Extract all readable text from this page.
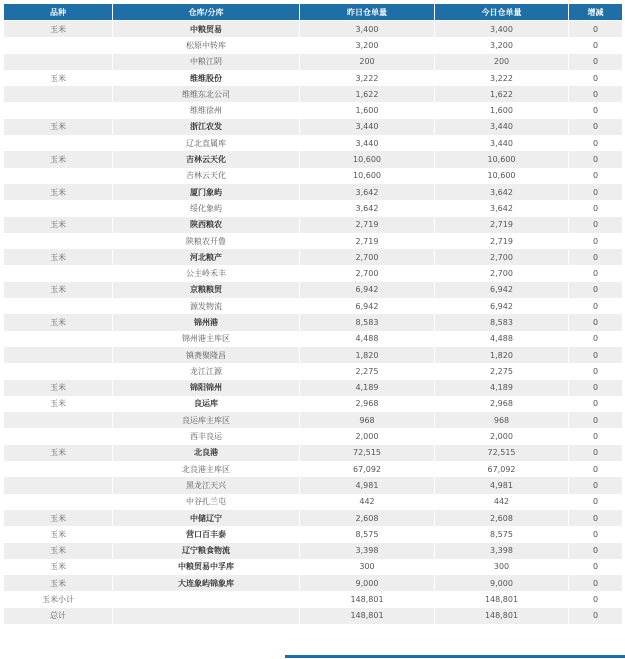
品种	仓库/分库	昨日仓单量	今日仓单量	增减
玉米	中粮贸易	3,400	3,400	0
	松原中转库	3,200	3,200	0
	中粮江阴	200	200	0
玉米	维维股份	3,222	3,222	0
	维维东北公司	1,622	1,622	0
	维维徐州	1,600	1,600	0
玉米	浙江农发	3,440	3,440	0
	辽北直属库	3,440	3,440	0
玉米	吉林云天化	10,600	10,600	0
	吉林云天化	10,600	10,600	0
玉米	厦门象屿	3,642	3,642	0
	绥化象屿	3,642	3,642	0
玉米	陕西粮农	2,719	2,719	0
	陕粮农开鲁	2,719	2,719	0
玉米	河北粮产	2,700	2,700	0
	公主岭禾丰	2,700	2,700	0
玉米	京粮粮贸	6,942	6,942	0
	源发物流	6,942	6,942	0
玉米	锦州港	8,583	8,583	0
	锦州港主库区	4,488	4,488	0
	镇赉聚隆昌	1,820	1,820	0
	龙江江源	2,275	2,275	0
玉米	锦阳锦州	4,189	4,189	0
玉米	良运库	2,968	2,968	0
	良运库主库区	968	968	0
	西丰良运	2,000	2,000	0
玉米	北良港	72,515	72,515	0
	北良港主库区	67,092	67,092	0
	黑龙江天兴	4,981	4,981	0
	中谷扎兰屯	442	442	0
玉米	中储辽宁	2,608	2,608	0
玉米	营口百丰泰	8,575	8,575	0
玉米	辽宁粮食物流	3,398	3,398	0
玉米	中粮贸易中孚库	300	300	0
玉米	大连象屿锦象库	9,000	9,000	0
玉米小计		148,801	148,801	0
总计		148,801	148,801	0
